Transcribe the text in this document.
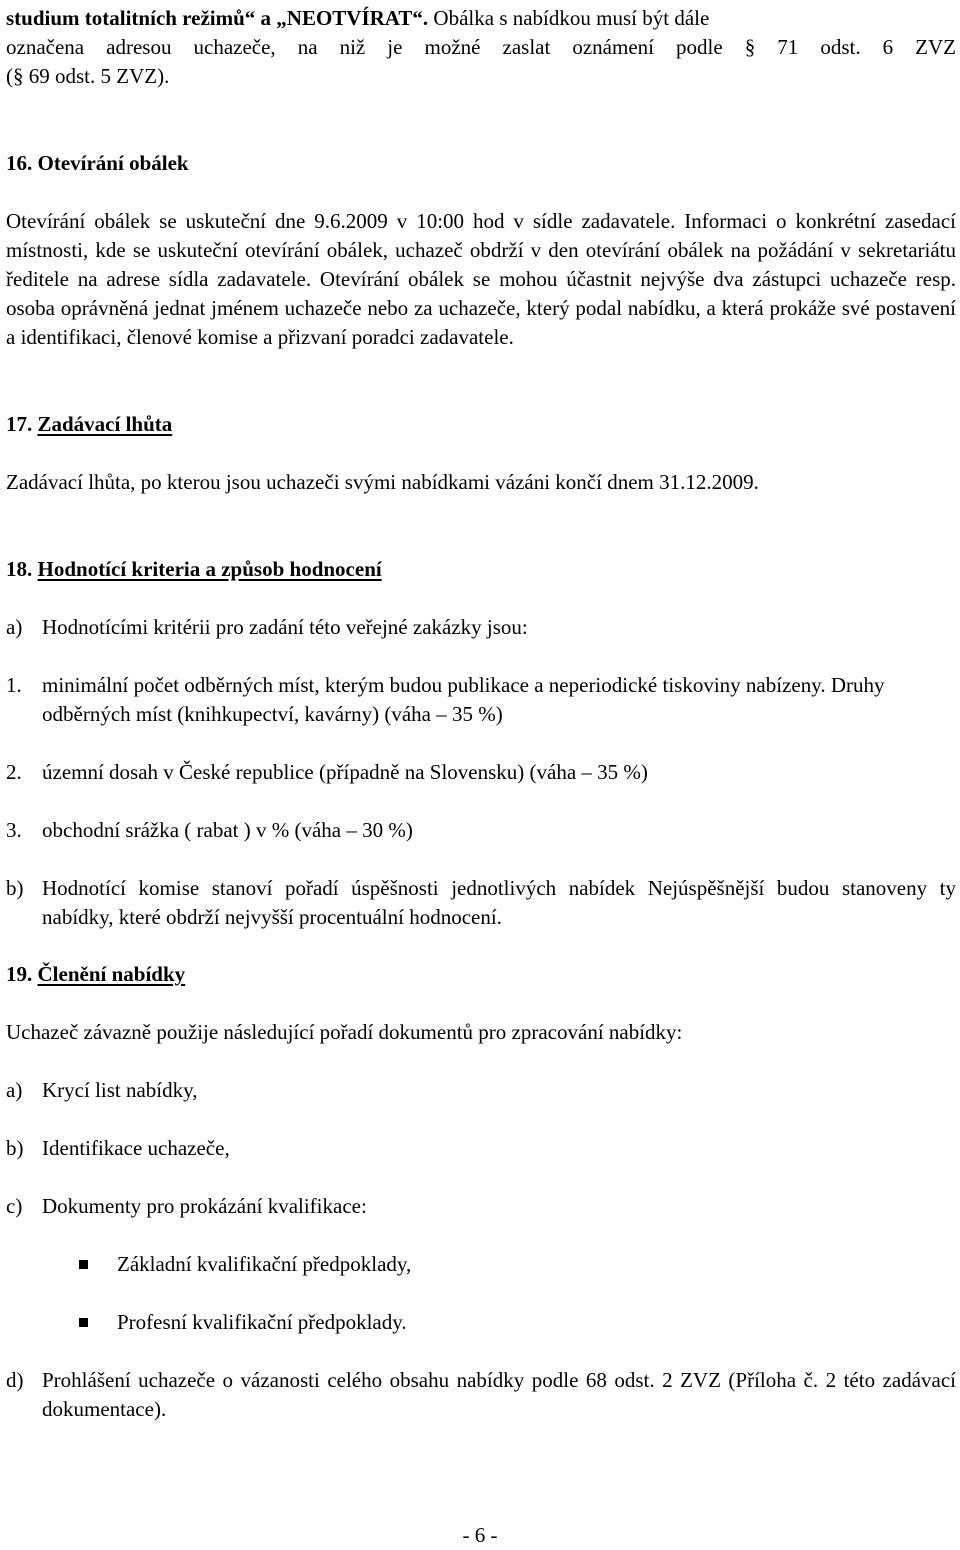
studium totalitních režimů“ a „NEOTVÍRAT“. Obálka s nabídkou musí být dále

označena adresou uchazeče, na niž je možné zaslat oznámení podle § 71 odst. 6 ZVZ

(§ 69 odst. 5 ZVZ).

16. Otevírání obálek

Otevírání obálek se uskuteční dne 9.6.2009 v 10:00 hod v sídle zadavatele. Informaci o konkrétní zasedací místnosti, kde se uskuteční otevírání obálek, uchazeč obdrží v den otevírání obálek na požádání v sekretariátu ředitele na adrese sídla zadavatele. Otevírání obálek se mohou účastnit nejvýše dva zástupci uchazeče resp. osoba oprávněná jednat jménem uchazeče nebo za uchazeče, který podal nabídku, a která prokáže své postavení a identifikaci, členové komise a přizvaní poradci zadavatele.

17. Zadávací lhůta

Zadávací lhůta, po kterou jsou uchazeči svými nabídkami vázáni končí dnem 31.12.2009.

18. Hodnotící kriteria a způsob hodnocení

a) Hodnotícími kritérii pro zadání této veřejné zakázky jsou:
1. minimální počet odběrných míst, kterým budou publikace a neperiodické tiskoviny nabízeny. Druhy odběrných míst (knihkupectví, kavárny) (váha – 35 %)
2. územní dosah v České republice (případně na Slovensku) (váha – 35 %)
3. obchodní srážka ( rabat ) v % (váha – 30 %)
b) Hodnotící komise stanoví pořadí úspěšnosti jednotlivých nabídek Nejúspěšnější budou stanoveny ty nabídky, které obdrží nejvyšší procentuální hodnocení.

19. Členění nabídky

Uchazeč závazně použije následující pořadí dokumentů pro zpracování nabídky:

a) Krycí list nabídky,
b) Identifikace uchazeče,
c) Dokumenty pro prokázání kvalifikace:
Základní kvalifikační předpoklady,
Profesní kvalifikační předpoklady.
d) Prohlášení uchazeče o vázanosti celého obsahu nabídky podle 68 odst. 2 ZVZ (Příloha č. 2 této zadávací dokumentace).
- 6 -
